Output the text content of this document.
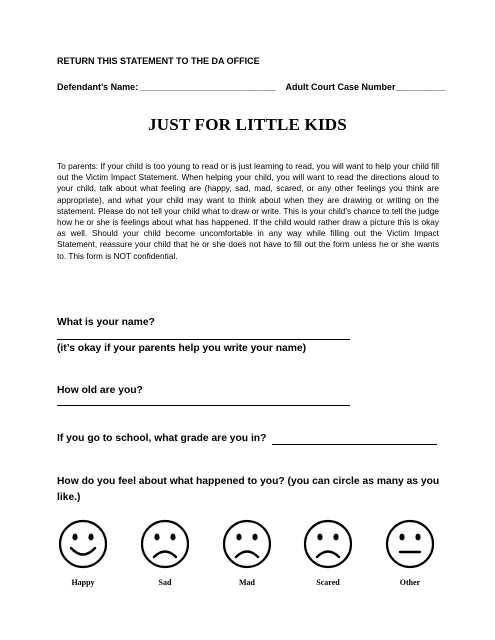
RETURN THIS STATEMENT TO THE DA OFFICE
Defendant’s Name: ___________________________ Adult Court Case Number__________
JUST FOR LITTLE KIDS
To parents: If your child is too young to read or is just learning to read, you will want to help your child fill out the Victim Impact Statement. When helping your child, you will want to read the directions aloud to your child, talk about what feeling are (happy, sad, mad, scared, or any other feelings you think are appropriate), and what your child may want to think about when they are drawing or writing on the statement. Please do not tell your child what to draw or write. This is your child’s chance to tell the judge how he or she is feelings about what has happened. If the child would rather draw a picture this is okay as well. Should your child become uncomfortable in any way while filling out the Victim Impact Statement, reassure your child that he or she does not have to fill out the form unless he or she wants to. This form is NOT confidential.
What is your name?
(it’s okay if your parents help you write your name)
How old are you?
If you go to school, what grade are you in?
How do you feel about what happened to you? (you can circle as many as you like.)
Happy	Sad	Mad	Scared	Other
